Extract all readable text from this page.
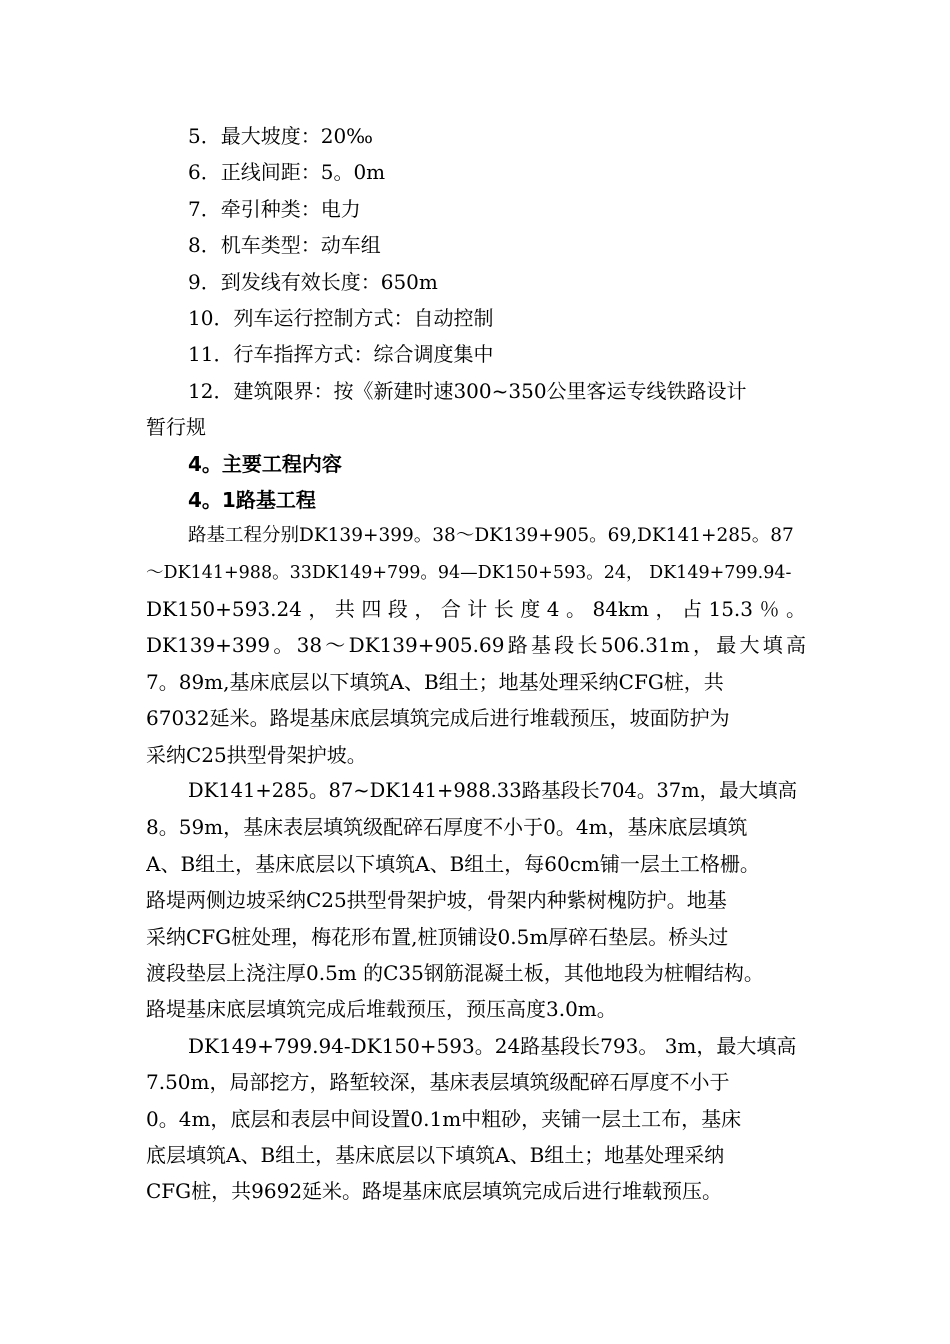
5．最大坡度：20‰
6．正线间距：5。0m
7．牵引种类：电力
8．机车类型：动车组
9．到发线有效长度：650m
10．列车运行控制方式：自动控制
11．行车指挥方式：综合调度集中
12．建筑限界：按《新建时速300~350公里客运专线铁路设计
暂行规
4。主要工程内容
4。1路基工程
路基工程分别DK139+399。38～DK139+905。69,DK141+285。87
～DK141+988。33DK149+799。94—DK150+593。24， DK149+799.94-
DK150+593.24，共四段，合计长度4。84km，占15.3％。
DK139+399。38～DK139+905.69路基段长506.31m，最大填高
7。89m,基床底层以下填筑A、B组土；地基处理采纳CFG桩，共
67032延米。路堤基床底层填筑完成后进行堆载预压，坡面防护为
采纳C25拱型骨架护坡。
DK141+285。87~DK141+988.33路基段长704。37m，最大填高
8。59m，基床表层填筑级配碎石厚度不小于0。4m，基床底层填筑
A、B组土，基床底层以下填筑A、B组土，每60cm铺一层土工格栅。
路堤两侧边坡采纳C25拱型骨架护坡，骨架内种紫树槐防护。地基
采纳CFG桩处理，梅花形布置,桩顶铺设0.5m厚碎石垫层。桥头过
渡段垫层上浇注厚0.5m 的C35钢筋混凝土板，其他地段为桩帽结构。
路堤基床底层填筑完成后堆载预压，预压高度3.0m。
DK149+799.94-DK150+593。24路基段长793。 3m，最大填高
7.50m，局部挖方，路堑较深，基床表层填筑级配碎石厚度不小于
0。4m，底层和表层中间设置0.1m中粗砂，夹铺一层土工布，基床
底层填筑A、B组土，基床底层以下填筑A、B组土；地基处理采纳
CFG桩，共9692延米。路堤基床底层填筑完成后进行堆载预压。
